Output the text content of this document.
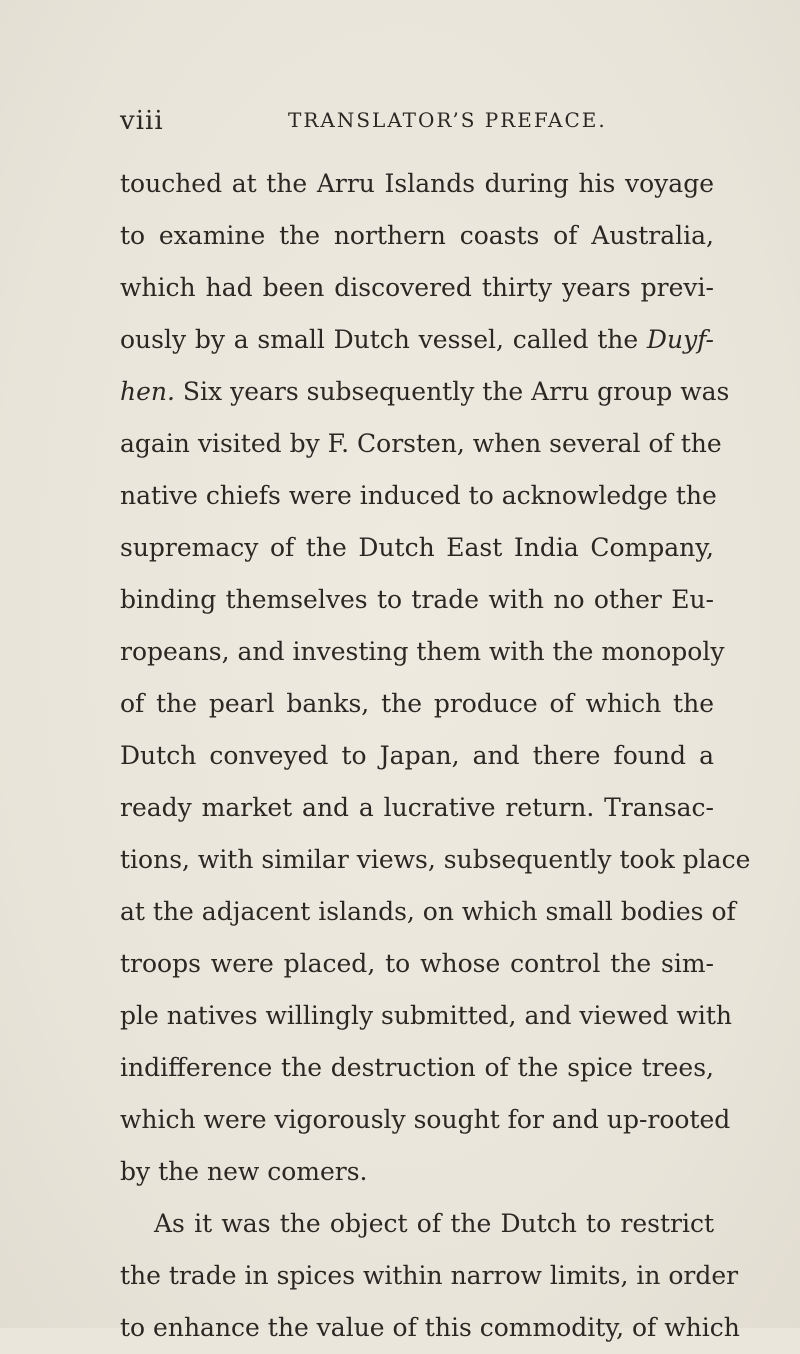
viii	TRANSLATOR’S PREFACE.
touched at the Arru Islands during his voyage
to examine the northern coasts of Australia,
which had been discovered thirty years previ-
ously by a small Dutch vessel, called the Duyf-
hen. Six years subsequently the Arru group was
again visited by F. Corsten, when several of the
native chiefs were induced to acknowledge the
supremacy of the Dutch East India Company,
binding themselves to trade with no other Eu-
ropeans, and investing them with the monopoly
of the pearl banks, the produce of which the
Dutch conveyed to Japan, and there found a
ready market and a lucrative return. Transac-
tions, with similar views, subsequently took place
at the adjacent islands, on which small bodies of
troops were placed, to whose control the sim-
ple natives willingly submitted, and viewed with
indifference the destruction of the spice trees,
which were vigorously sought for and up-rooted
by the new comers.
As it was the object of the Dutch to restrict
the trade in spices within narrow limits, in order
to enhance the value of this commodity, of which
